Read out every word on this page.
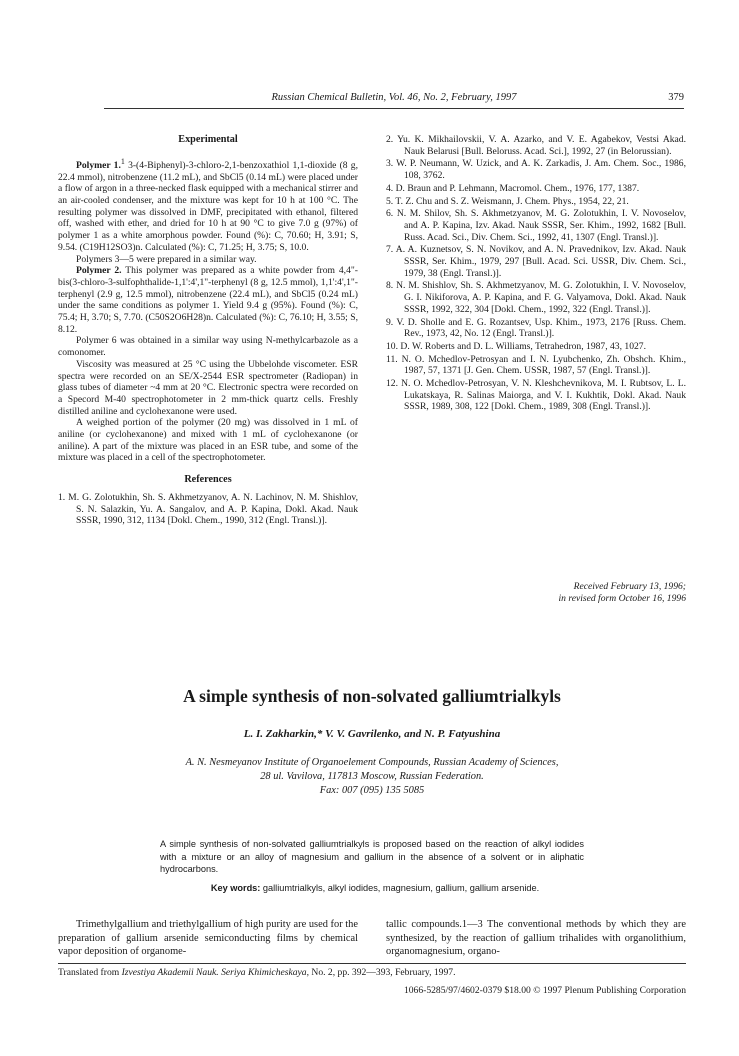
Russian Chemical Bulletin, Vol. 46, No. 2, February, 1997	379
Experimental

Polymer 1.$^1$ 3-(4-Biphenyl)-3-chloro-2,1-benzoxathiol 1,1-dioxide (8 g, 22.4 mmol), nitrobenzene (11.2 mL), and SbCl5 (0.14 mL) were placed under a flow of argon in a three-necked flask equipped with a mechanical stirrer and an air-cooled condenser, and the mixture was kept for 10 h at 100 °C. The resulting polymer was dissolved in DMF, precipitated with ethanol, filtered off, washed with ether, and dried for 10 h at 90 °C to give 7.0 g (97%) of polymer 1 as a white amorphous powder. Found (%): C, 70.60; H, 3.91; S, 9.54. (C19H12SO3)n. Calculated (%): C, 71.25; H, 3.75; S, 10.0.

Polymers 3—5 were prepared in a similar way.

Polymer 2. This polymer was prepared as a white powder from 4,4"-bis(3-chloro-3-sulfophthalide-1,1':4',1"-terphenyl (8 g, 12.5 mmol), 1,1':4',1"-terphenyl (2.9 g, 12.5 mmol), nitrobenzene (22.4 mL), and SbCl5 (0.24 mL) under the same conditions as polymer 1. Yield 9.4 g (95%). Found (%): C, 75.4; H, 3.70; S, 7.70. (C50S2O6H28)n. Calculated (%): C, 76.10; H, 3.55; S, 8.12.

Polymer 6 was obtained in a similar way using N-methylcarbazole as a comonomer.

Viscosity was measured at 25 °C using the Ubbelohde viscometer. ESR spectra were recorded on an SE/X-2544 ESR spectrometer (Radiopan) in glass tubes of diameter ~4 mm at 20 °C. Electronic spectra were recorded on a Specord M-40 spectrophotometer in 2 mm-thick quartz cells. Freshly distilled aniline and cyclohexanone were used.

A weighed portion of the polymer (20 mg) was dissolved in 1 mL of aniline (or cyclohexanone) and mixed with 1 mL of cyclohexanone (or aniline). A part of the mixture was placed in an ESR tube, and some of the mixture was placed in a cell of the spectrophotometer.

References

1. M. G. Zolotukhin, Sh. S. Akhmetzyanov, A. N. Lachinov, N. M. Shishlov, S. N. Salazkin, Yu. A. Sangalov, and A. P. Kapina, Dokl. Akad. Nauk SSSR, 1990, 312, 1134 [Dokl. Chem., 1990, 312 (Engl. Transl.)].

2. Yu. K. Mikhailovskii, V. A. Azarko, and V. E. Agabekov, Vestsi Akad. Nauk Belarusi [Bull. Beloruss. Acad. Sci.], 1992, 27 (in Belorussian).

3. W. P. Neumann, W. Uzick, and A. K. Zarkadis, J. Am. Chem. Soc., 1986, 108, 3762.

4. D. Braun and P. Lehmann, Macromol. Chem., 1976, 177, 1387.

5. T. Z. Chu and S. Z. Weismann, J. Chem. Phys., 1954, 22, 21.

6. N. M. Shilov, Sh. S. Akhmetzyanov, M. G. Zolotukhin, I. V. Novoselov, and A. P. Kapina, Izv. Akad. Nauk SSSR, Ser. Khim., 1992, 1682 [Bull. Russ. Acad. Sci., Div. Chem. Sci., 1992, 41, 1307 (Engl. Transl.)].

7. A. A. Kuznetsov, S. N. Novikov, and A. N. Pravednikov, Izv. Akad. Nauk SSSR, Ser. Khim., 1979, 297 [Bull. Acad. Sci. USSR, Div. Chem. Sci., 1979, 38 (Engl. Transl.)].

8. N. M. Shishlov, Sh. S. Akhmetzyanov, M. G. Zolotukhin, I. V. Novoselov, G. I. Nikiforova, A. P. Kapina, and F. G. Valyamova, Dokl. Akad. Nauk SSSR, 1992, 322, 304 [Dokl. Chem., 1992, 322 (Engl. Transl.)].

9. V. D. Sholle and E. G. Rozantsev, Usp. Khim., 1973, 2176 [Russ. Chem. Rev., 1973, 42, No. 12 (Engl. Transl.)].

10. D. W. Roberts and D. L. Williams, Tetrahedron, 1987, 43, 1027.

11. N. O. Mchedlov-Petrosyan and I. N. Lyubchenko, Zh. Obshch. Khim., 1987, 57, 1371 [J. Gen. Chem. USSR, 1987, 57 (Engl. Transl.)].

12. N. O. Mchedlov-Petrosyan, V. N. Kleshchevnikova, M. I. Rubtsov, L. L. Lukatskaya, R. Salinas Maiorga, and V. I. Kukhtik, Dokl. Akad. Nauk SSSR, 1989, 308, 122 [Dokl. Chem., 1989, 308 (Engl. Transl.)].

Received February 13, 1996;
in revised form October 16, 1996
A simple synthesis of non-solvated galliumtrialkyls
L. I. Zakharkin,* V. V. Gavrilenko, and N. P. Fatyushina
A. N. Nesmeyanov Institute of Organoelement Compounds, Russian Academy of Sciences,
28 ul. Vavilova, 117813 Moscow, Russian Federation.
Fax: 007 (095) 135 5085
A simple synthesis of non-solvated galliumtrialkyls is proposed based on the reaction of alkyl iodides with a mixture or an alloy of magnesium and gallium in the absence of a solvent or in aliphatic hydrocarbons.
Key words: galliumtrialkyls, alkyl iodides, magnesium, gallium, gallium arsenide.

Trimethylgallium and triethylgallium of high purity are used for the preparation of gallium arsenide semiconducting films by chemical vapor deposition of organome-

tallic compounds.1—3 The conventional methods by which they are synthesized, by the reaction of gallium trihalides with organolithium, organomagnesium, organo-

Translated from Izvestiya Akademii Nauk. Seriya Khimicheskaya, No. 2, pp. 392—393, February, 1997.
1066-5285/97/4602-0379 $18.00 © 1997 Plenum Publishing Corporation
